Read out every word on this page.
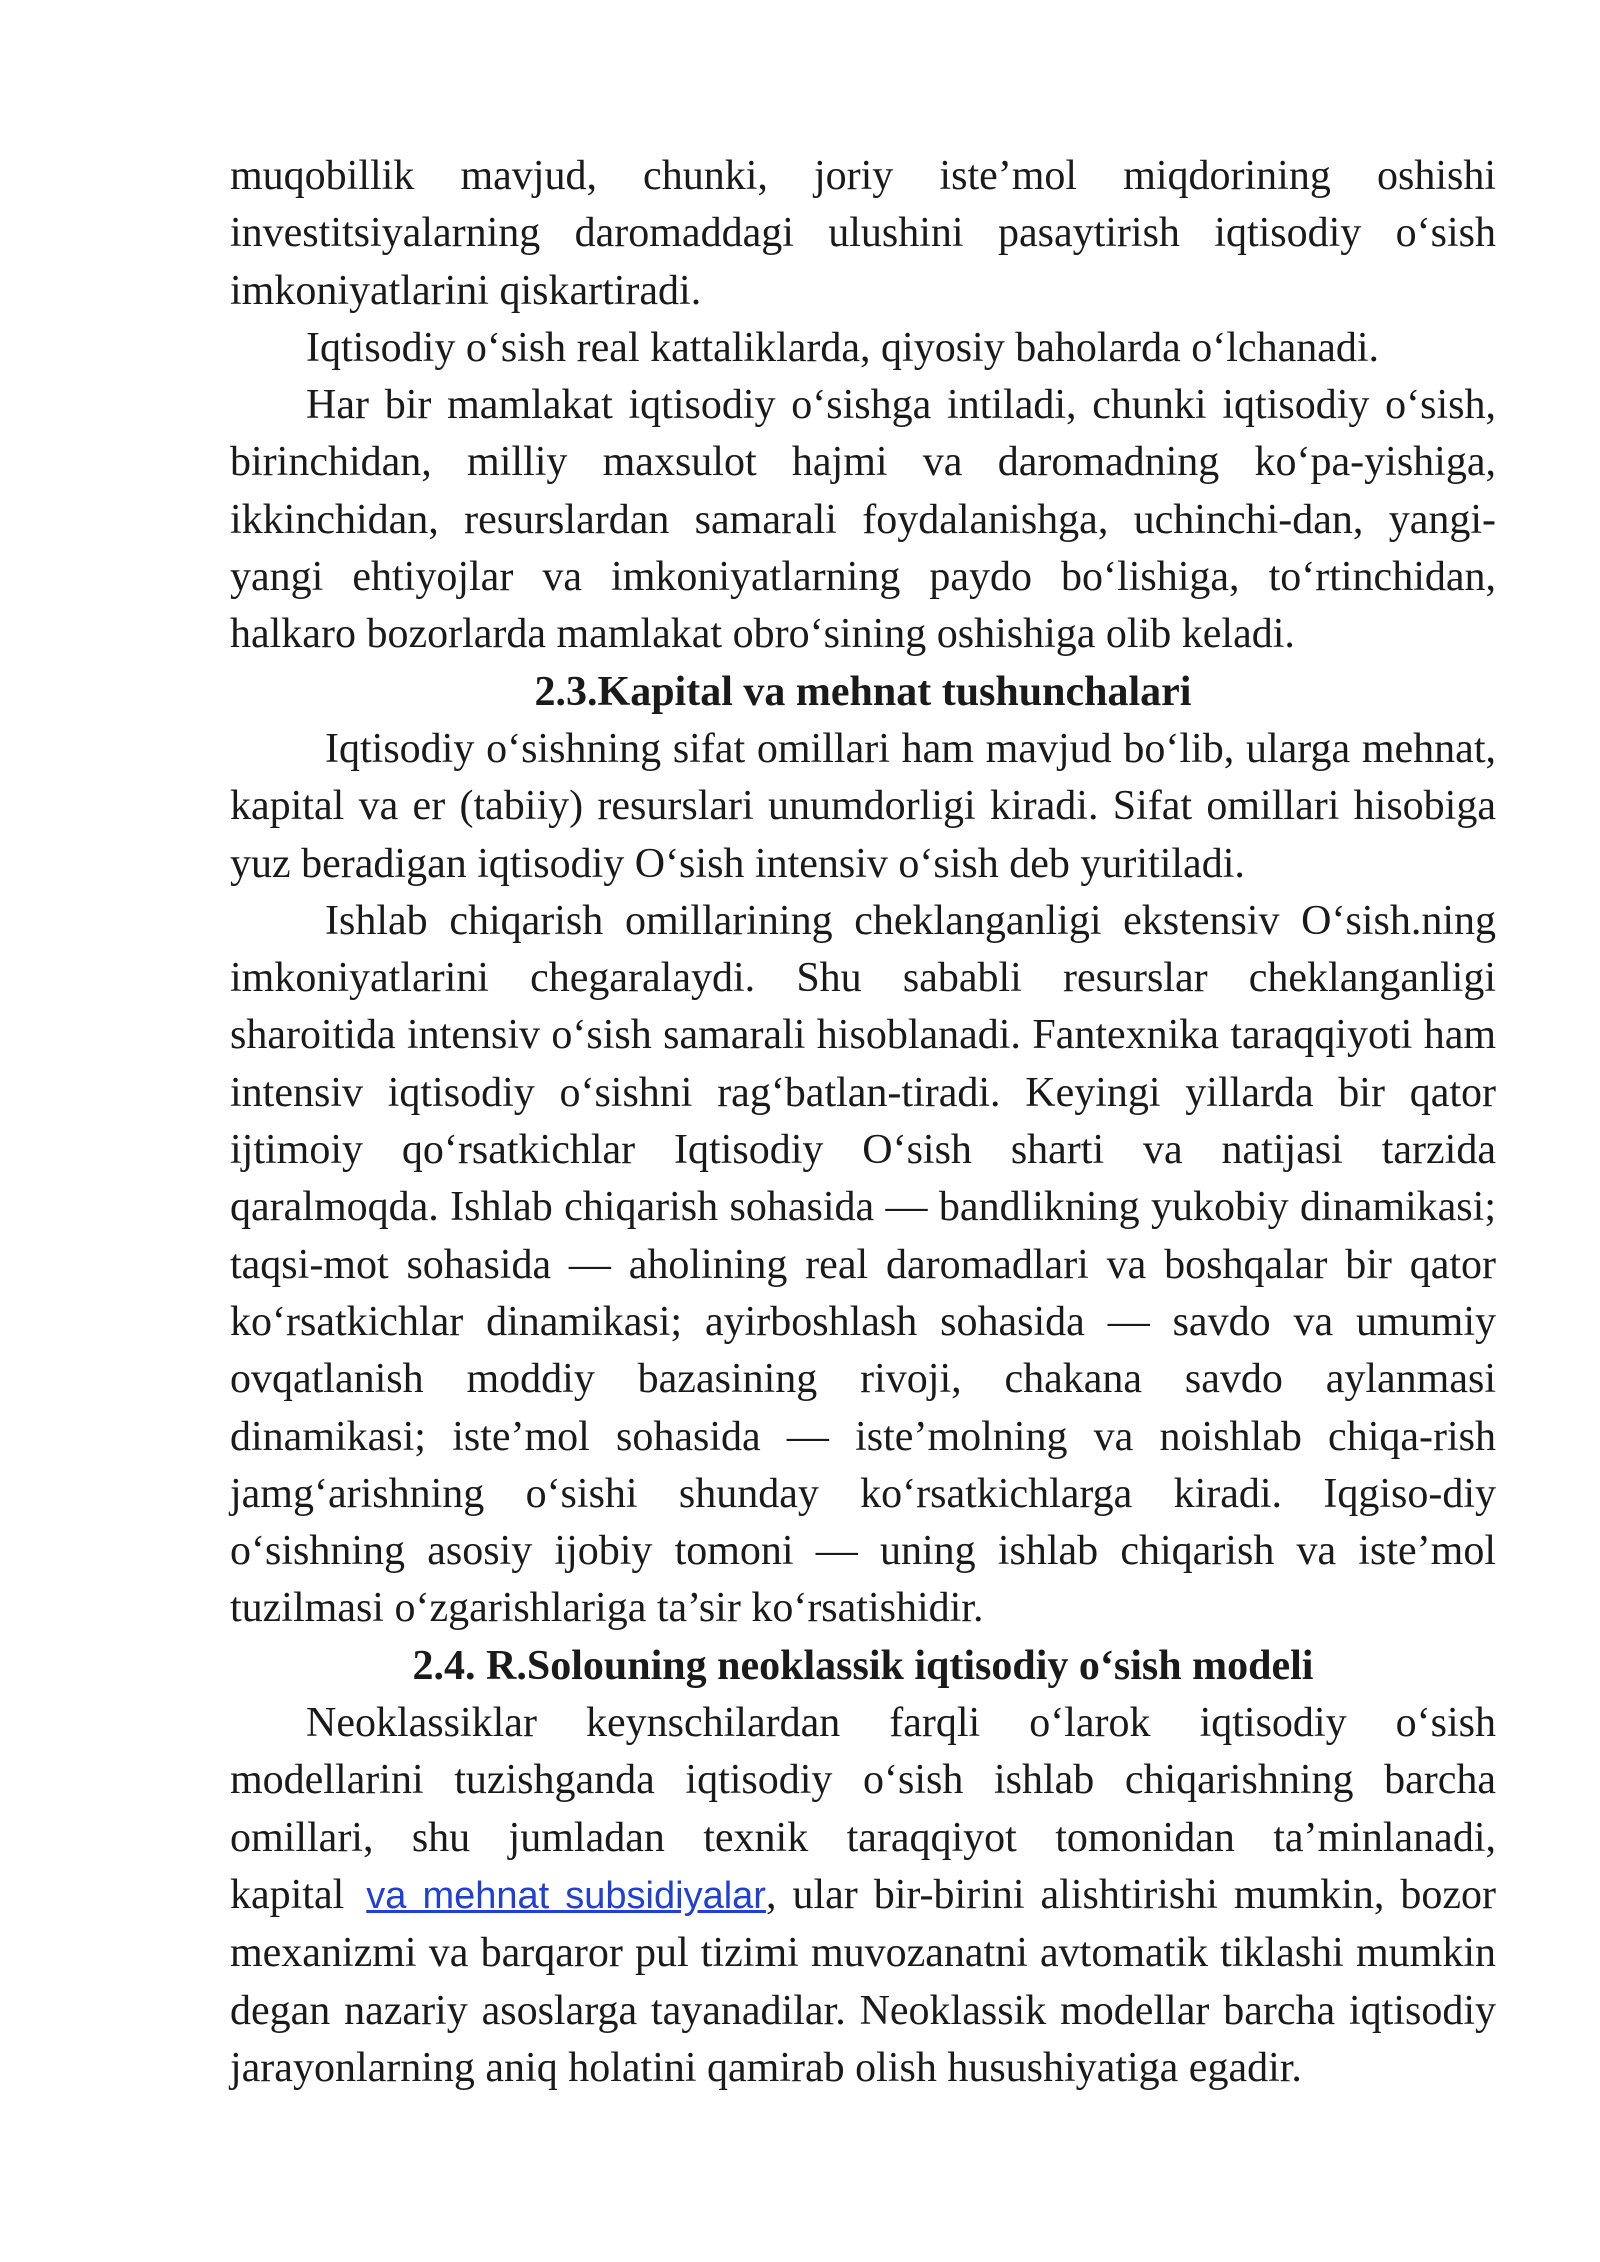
muqobillik mavjud, chunki, joriy iste’mol miqdorining oshishi investitsiyalarning daromaddagi ulushini pasaytirish iqtisodiy o‘sish imkoniyatlarini qiskartiradi.

Iqtisodiy o‘sish real kattaliklarda, qiyosiy baholarda o‘lchanadi.

Har bir mamlakat iqtisodiy o‘sishga intiladi, chunki iqtisodiy o‘sish, birinchidan, milliy maxsulot hajmi va daromadning ko‘pa-yishiga, ikkinchidan, resurslardan samarali foydalanishga, uchinchi-dan, yangi-yangi ehtiyojlar va imkoniyatlarning paydo bo‘lishiga, to‘rtinchidan, halkaro bozorlarda mamlakat obro‘sining oshishiga olib keladi.

2.3.Kapital va mehnat tushunchalari

Iqtisodiy o‘sishning sifat omillari ham mavjud bo‘lib, ularga mehnat, kapital va er (tabiiy) resurslari unumdorligi kiradi. Sifat omillari hisobiga yuz beradigan iqtisodiy O‘sish intensiv o‘sish deb yuritiladi.

Ishlab chiqarish omillarining cheklanganligi ekstensiv O‘sish.ning imkoniyatlarini chegaralaydi. Shu sababli resurslar cheklanganligi sharoitida intensiv o‘sish samarali hisoblanadi. Fantexnika taraqqiyoti ham intensiv iqtisodiy o‘sishni rag‘batlan-tiradi. Keyingi yillarda bir qator ijtimoiy qo‘rsatkichlar Iqtisodiy O‘sish sharti va natijasi tarzida qaralmoqda. Ishlab chiqarish sohasida — bandlikning yukobiy dinamikasi; taqsi-mot sohasida — aholining real daromadlari va boshqalar bir qator ko‘rsatkichlar dinamikasi; ayirboshlash sohasida — savdo va umumiy ovqatlanish moddiy bazasining rivoji, chakana savdo aylanmasi dinamikasi; iste’mol sohasida — iste’molning va noishlab chiqa-rish jamg‘arishning o‘sishi shunday ko‘rsatkichlarga kiradi. Iqgiso-diy o‘sishning asosiy ijobiy tomoni — uning ishlab chiqarish va iste’mol tuzilmasi o‘zgarishlariga ta’sir ko‘rsatishidir.

2.4. R.Solouning neoklassik iqtisodiy o‘sish modeli

Neoklassiklar keynschilardan farqli o‘larok iqtisodiy o‘sish modellarini tuzishganda iqtisodiy o‘sish ishlab chiqarishning barcha omillari, shu jumladan texnik taraqqiyot tomonidan ta’minlanadi, kapital va mehnat subsidiyalar, ular bir-birini alishtirishi mumkin, bozor mexanizmi va barqaror pul tizimi muvozanatni avtomatik tiklashi mumkin degan nazariy asoslarga tayanadilar. Neoklassik modellar barcha iqtisodiy jarayonlarning aniq holatini qamirab olish husushiyatiga egadir.
